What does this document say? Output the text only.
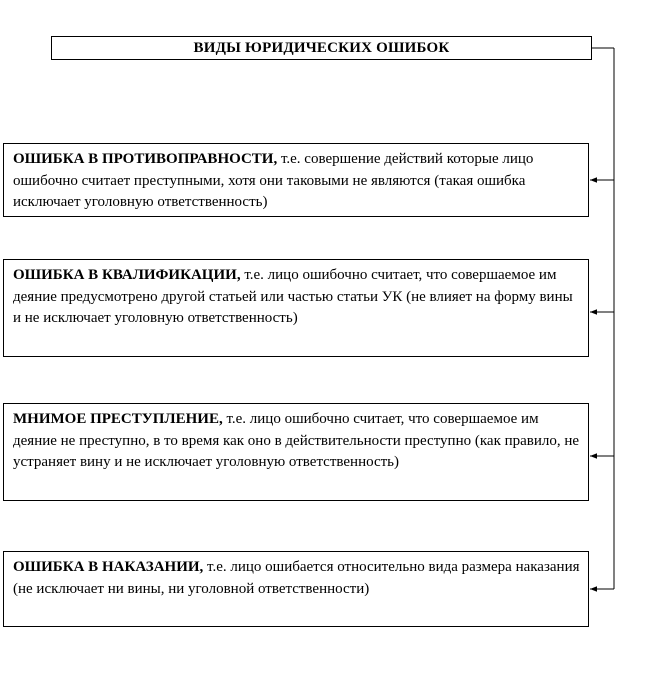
ВИДЫ ЮРИДИЧЕСКИХ ОШИБОК
ОШИБКА В ПРОТИВОПРАВНОСТИ, т.е. совершение действий которые лицо ошибочно считает преступными, хотя они таковыми не являются (такая ошибка исключает уголовную ответственность)
ОШИБКА В КВАЛИФИКАЦИИ, т.е. лицо ошибочно считает, что совершаемое им деяние предусмотрено другой статьей или частью статьи УК (не влияет на форму вины и не исключает уголовную ответственность)
МНИМОЕ ПРЕСТУПЛЕНИЕ, т.е. лицо ошибочно считает, что совершаемое им деяние не преступно, в то время как оно в действительности преступно (как правило, не устраняет вину и не исключает уголовную ответственность)
ОШИБКА В НАКАЗАНИИ, т.е. лицо ошибается относительно вида размера наказания (не исключает ни вины, ни уголовной ответственности)
